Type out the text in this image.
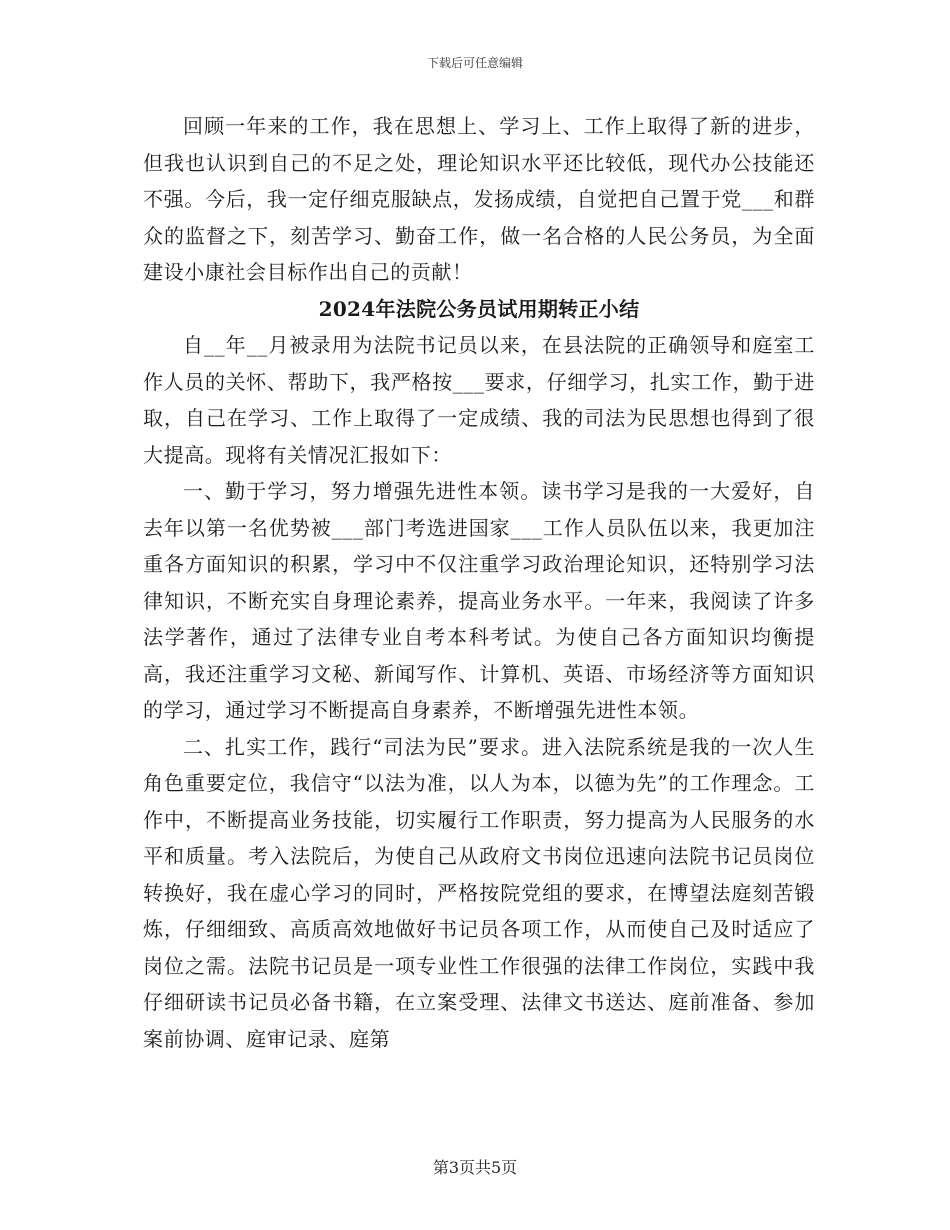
下载后可任意编辑

回顾一年来的工作，我在思想上、学习上、工作上取得了新的进步，但我也认识到自己的不足之处，理论知识水平还比较低，现代办公技能还不强。今后，我一定仔细克服缺点，发扬成绩，自觉把自己置于党___和群众的监督之下，刻苦学习、勤奋工作，做一名合格的人民公务员，为全面建设小康社会目标作出自己的贡献！

2024年法院公务员试用期转正小结

自__年__月被录用为法院书记员以来，在县法院的正确领导和庭室工作人员的关怀、帮助下，我严格按___要求，仔细学习，扎实工作，勤于进取，自己在学习、工作上取得了一定成绩、我的司法为民思想也得到了很大提高。现将有关情况汇报如下：

一、勤于学习，努力增强先进性本领。读书学习是我的一大爱好，自去年以第一名优势被___部门考选进国家___工作人员队伍以来，我更加注重各方面知识的积累，学习中不仅注重学习政治理论知识，还特别学习法律知识，不断充实自身理论素养，提高业务水平。一年来，我阅读了许多法学著作，通过了法律专业自考本科考试。为使自己各方面知识均衡提高，我还注重学习文秘、新闻写作、计算机、英语、市场经济等方面知识的学习，通过学习不断提高自身素养，不断增强先进性本领。

二、扎实工作，践行“司法为民”要求。进入法院系统是我的一次人生角色重要定位，我信守“以法为准，以人为本，以德为先”的工作理念。工作中，不断提高业务技能，切实履行工作职责，努力提高为人民服务的水平和质量。考入法院后，为使自己从政府文书岗位迅速向法院书记员岗位转换好，我在虚心学习的同时，严格按院党组的要求，在博望法庭刻苦锻炼，仔细细致、高质高效地做好书记员各项工作，从而使自己及时适应了岗位之需。法院书记员是一项专业性工作很强的法律工作岗位，实践中我仔细研读书记员必备书籍，在立案受理、法律文书送达、庭前准备、参加案前协调、庭审记录、庭第

第3页共5页
